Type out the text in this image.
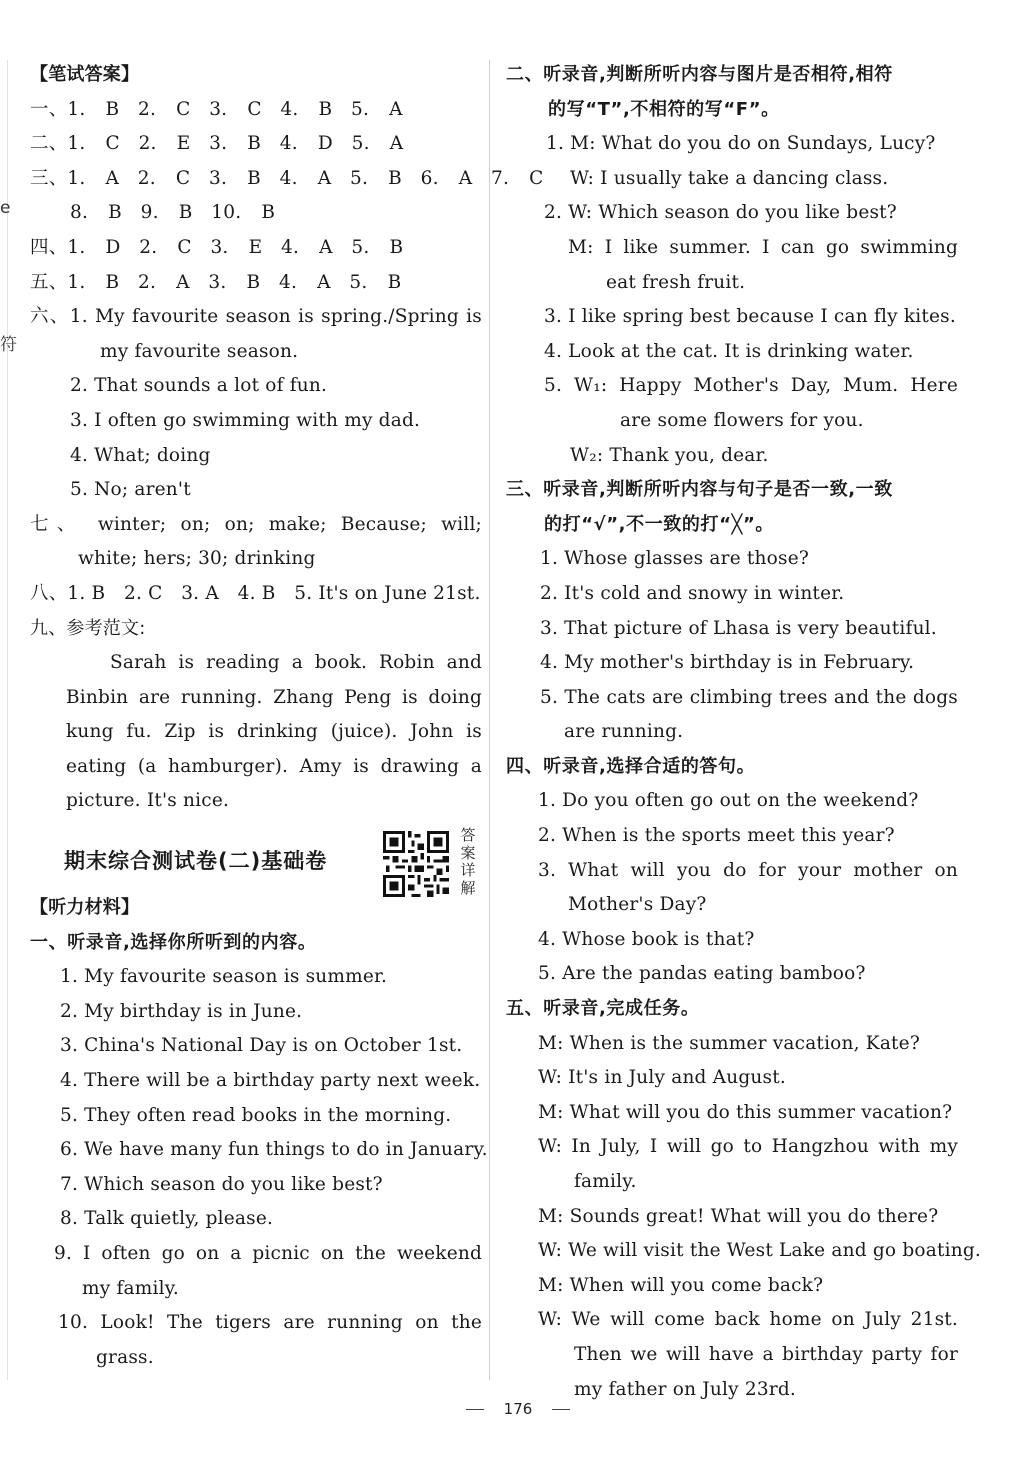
e
符
【笔试答案】
一、1. B　2. C　3. C　4. B　5. A
二、1. C　2. E　3. B　4. D　5. A
三、1. A　2. C　3. B　4. A　5. B　6. A　7. C
8. B　9. B　10. B
四、1. D　2. C　3. E　4. A　5. B
五、1. B　2. A　3. B　4. A　5. B
六、1. My favourite season is spring./Spring is
my favourite season.
2. That sounds a lot of fun.
3. I often go swimming with my dad.
4. What; doing
5. No; aren't
七、 winter; on; on; make; Because; will;
white; hers; 30; drinking
八、1. B　2. C　3. A　4. B　5. It's on June 21st.
九、参考范文:
Sarah is reading a book. Robin and
Binbin are running. Zhang Peng is doing
kung fu. Zip is drinking (juice). John is
eating (a hamburger). Amy is drawing a
picture. It's nice.
期末综合测试卷(二)基础卷
答案详解
【听力材料】
一、听录音,选择你所听到的内容。
1. My favourite season is summer.
2. My birthday is in June.
3. China's National Day is on October 1st.
4. There will be a birthday party next week.
5. They often read books in the morning.
6. We have many fun things to do in January.
7. Which season do you like best?
8. Talk quietly, please.
9. I often go on a picnic on the weekend
my family.
10. Look! The tigers are running on the
grass.
二、听录音,判断所听内容与图片是否相符,相符
的写“T”,不相符的写“F”。
1. M: What do you do on Sundays, Lucy?
W: I usually take a dancing class.
2. W: Which season do you like best?
M: I like summer. I can go swimming
eat fresh fruit.
3. I like spring best because I can fly kites.
4. Look at the cat. It is drinking water.
5. W₁: Happy Mother's Day, Mum. Here
are some flowers for you.
W₂: Thank you, dear.
三、听录音,判断所听内容与句子是否一致,一致
的打“√”,不一致的打“╳”。
1. Whose glasses are those?
2. It's cold and snowy in winter.
3. That picture of Lhasa is very beautiful.
4. My mother's birthday is in February.
5. The cats are climbing trees and the dogs
are running.
四、听录音,选择合适的答句。
1. Do you often go out on the weekend?
2. When is the sports meet this year?
3. What will you do for your mother on
Mother's Day?
4. Whose book is that?
5. Are the pandas eating bamboo?
五、听录音,完成任务。
M: When is the summer vacation, Kate?
W: It's in July and August.
M: What will you do this summer vacation?
W: In July, I will go to Hangzhou with my
family.
M: Sounds great! What will you do there?
W: We will visit the West Lake and go boating.
M: When will you come back?
W: We will come back home on July 21st.
Then we will have a birthday party for
my father on July 23rd.
176
